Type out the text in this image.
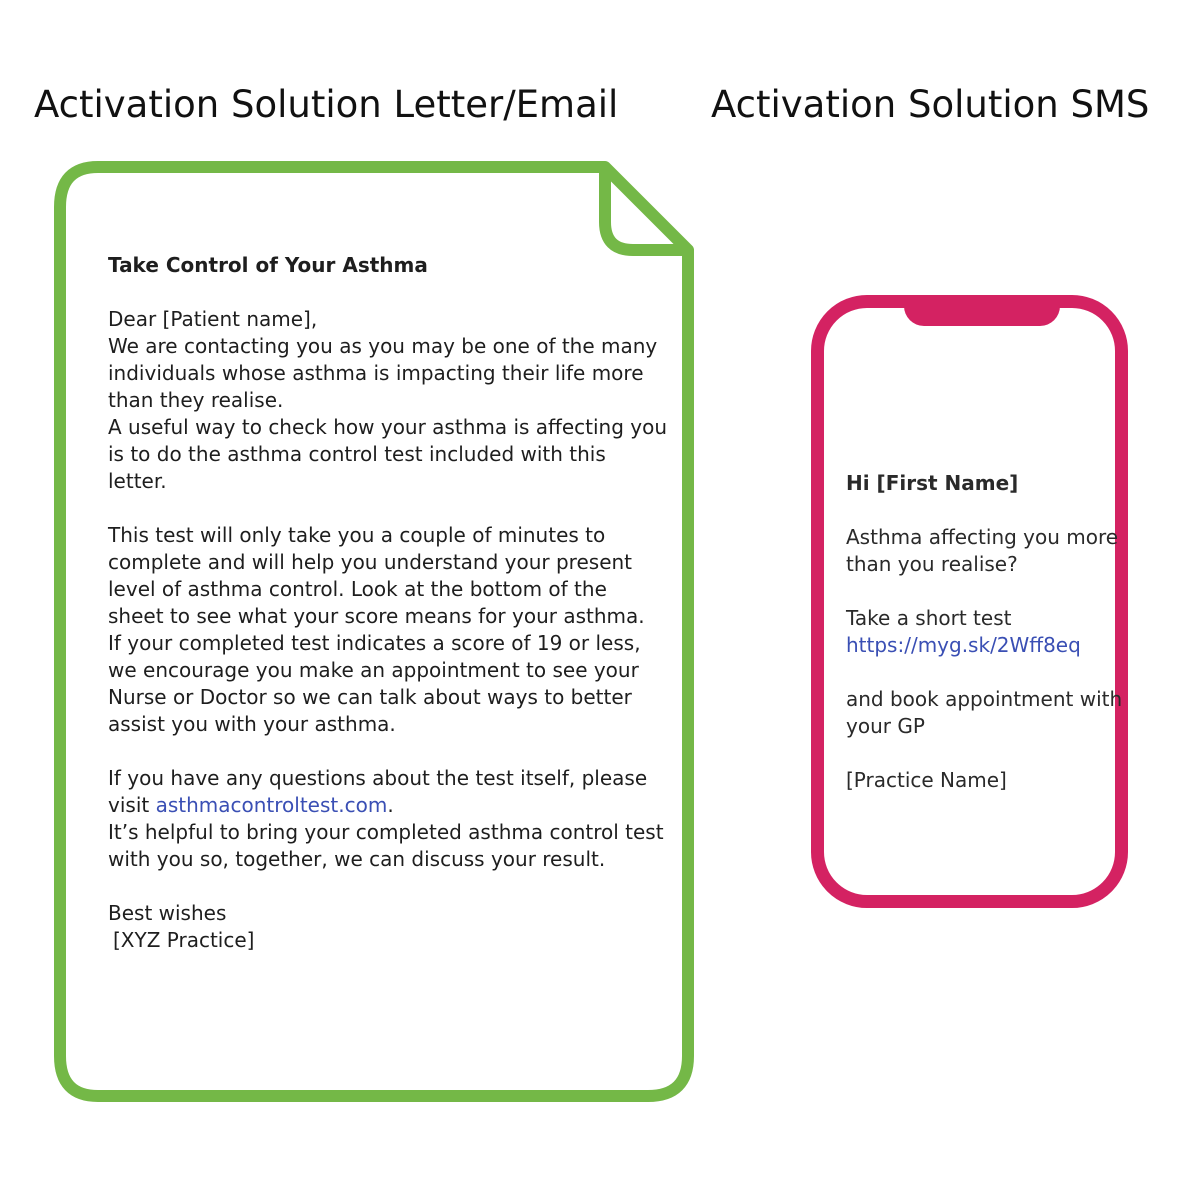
Activation Solution Letter/Email	Activation Solution SMS

Take Control of Your Asthma

Dear [Patient name],

We are contacting you as you may be one of the many individuals whose asthma is impacting their life more than they realise.

A useful way to check how your asthma is affecting you is to do the asthma control test included with this letter.

This test will only take you a couple of minutes to complete and will help you understand your present level of asthma control. Look at the bottom of the sheet to see what your score means for your asthma.

If your completed test indicates a score of 19 or less, we encourage you make an appointment to see your Nurse or Doctor so we can talk about ways to better assist you with your asthma.

If you have any questions about the test itself, please visit asthmacontroltest.com.

It’s helpful to bring your completed asthma control test with you so, together, we can discuss your result.

Best wishes

[XYZ Practice]

Hi [First Name]

Asthma affecting you more than you realise?

Take a short test

https://myg.sk/2Wff8eq

and book appointment with your GP

[Practice Name]
